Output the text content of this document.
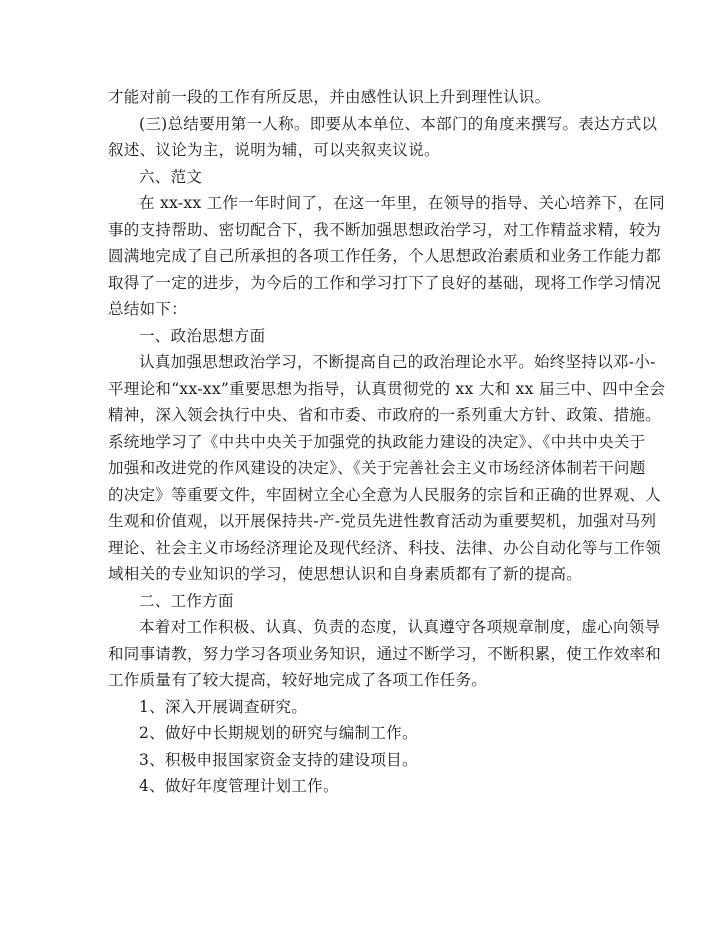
才能对前一段的工作有所反思，并由感性认识上升到理性认识。
(三)总结要用第一人称。即要从本单位、本部门的角度来撰写。表达方式以
叙述、议论为主，说明为辅，可以夹叙夹议说。
六、范文
在 xx-xx 工作一年时间了，在这一年里，在领导的指导、关心培养下，在同
事的支持帮助、密切配合下，我不断加强思想政治学习，对工作精益求精，较为
圆满地完成了自己所承担的各项工作任务，个人思想政治素质和业务工作能力都
取得了一定的进步，为今后的工作和学习打下了良好的基础，现将工作学习情况
总结如下：
一、政治思想方面
认真加强思想政治学习，不断提高自己的政治理论水平。始终坚持以邓-小-
平理论和“xx-xx”重要思想为指导，认真贯彻党的 xx 大和 xx 届三中、四中全会
精神，深入领会执行中央、省和市委、市政府的一系列重大方针、政策、措施。
系统地学习了《中共中央关于加强党的执政能力建设的决定》、《中共中央关于
加强和改进党的作风建设的决定》、《关于完善社会主义市场经济体制若干问题
的决定》等重要文件，牢固树立全心全意为人民服务的宗旨和正确的世界观、人
生观和价值观，以开展保持共-产-党员先进性教育活动为重要契机，加强对马列
理论、社会主义市场经济理论及现代经济、科技、法律、办公自动化等与工作领
域相关的专业知识的学习，使思想认识和自身素质都有了新的提高。
二、工作方面
本着对工作积极、认真、负责的态度，认真遵守各项规章制度，虚心向领导
和同事请教，努力学习各项业务知识，通过不断学习，不断积累，使工作效率和
工作质量有了较大提高，较好地完成了各项工作任务。
1、深入开展调查研究。
2、做好中长期规划的研究与编制工作。
3、积极申报国家资金支持的建设项目。
4、做好年度管理计划工作。
